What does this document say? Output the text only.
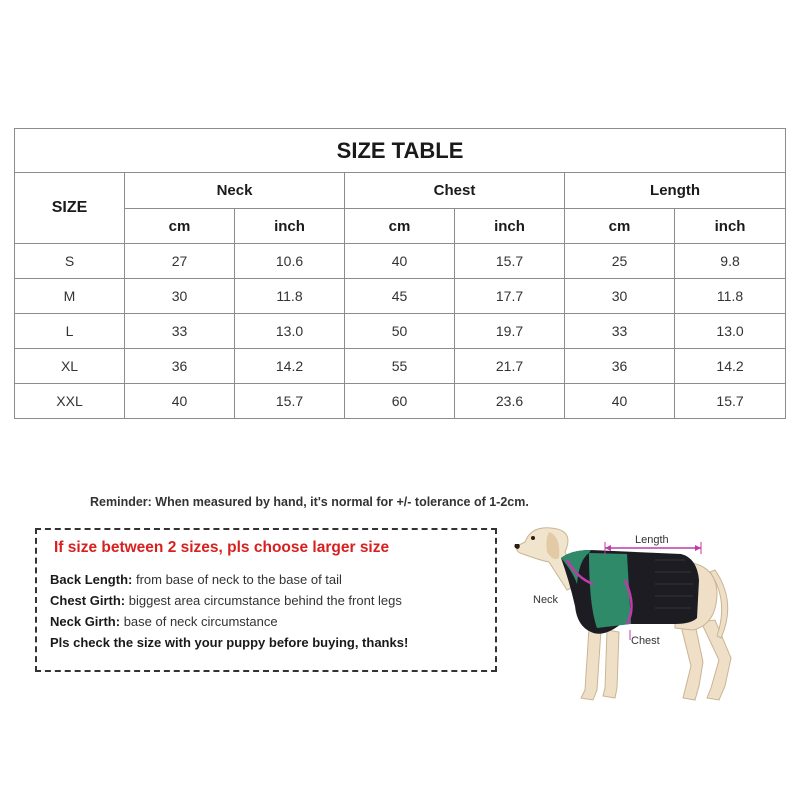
SIZE TABLE						
SIZE	Neck		Chest		Length	
	cm	inch	cm	inch	cm	inch
S	27	10.6	40	15.7	25	9.8
M	30	11.8	45	17.7	30	11.8
L	33	13.0	50	19.7	33	13.0
XL	36	14.2	55	21.7	36	14.2
XXL	40	15.7	60	23.6	40	15.7
Reminder: When measured by hand, it's normal for +/- tolerance of 1-2cm.
If size between 2 sizes, pls choose larger size
Back Length: from base of neck to the base of tail
Chest Girth: biggest area circumstance behind the front legs
Neck Girth: base of neck circumstance
Pls check the size with your puppy before buying, thanks!
Length
Neck
Chest
